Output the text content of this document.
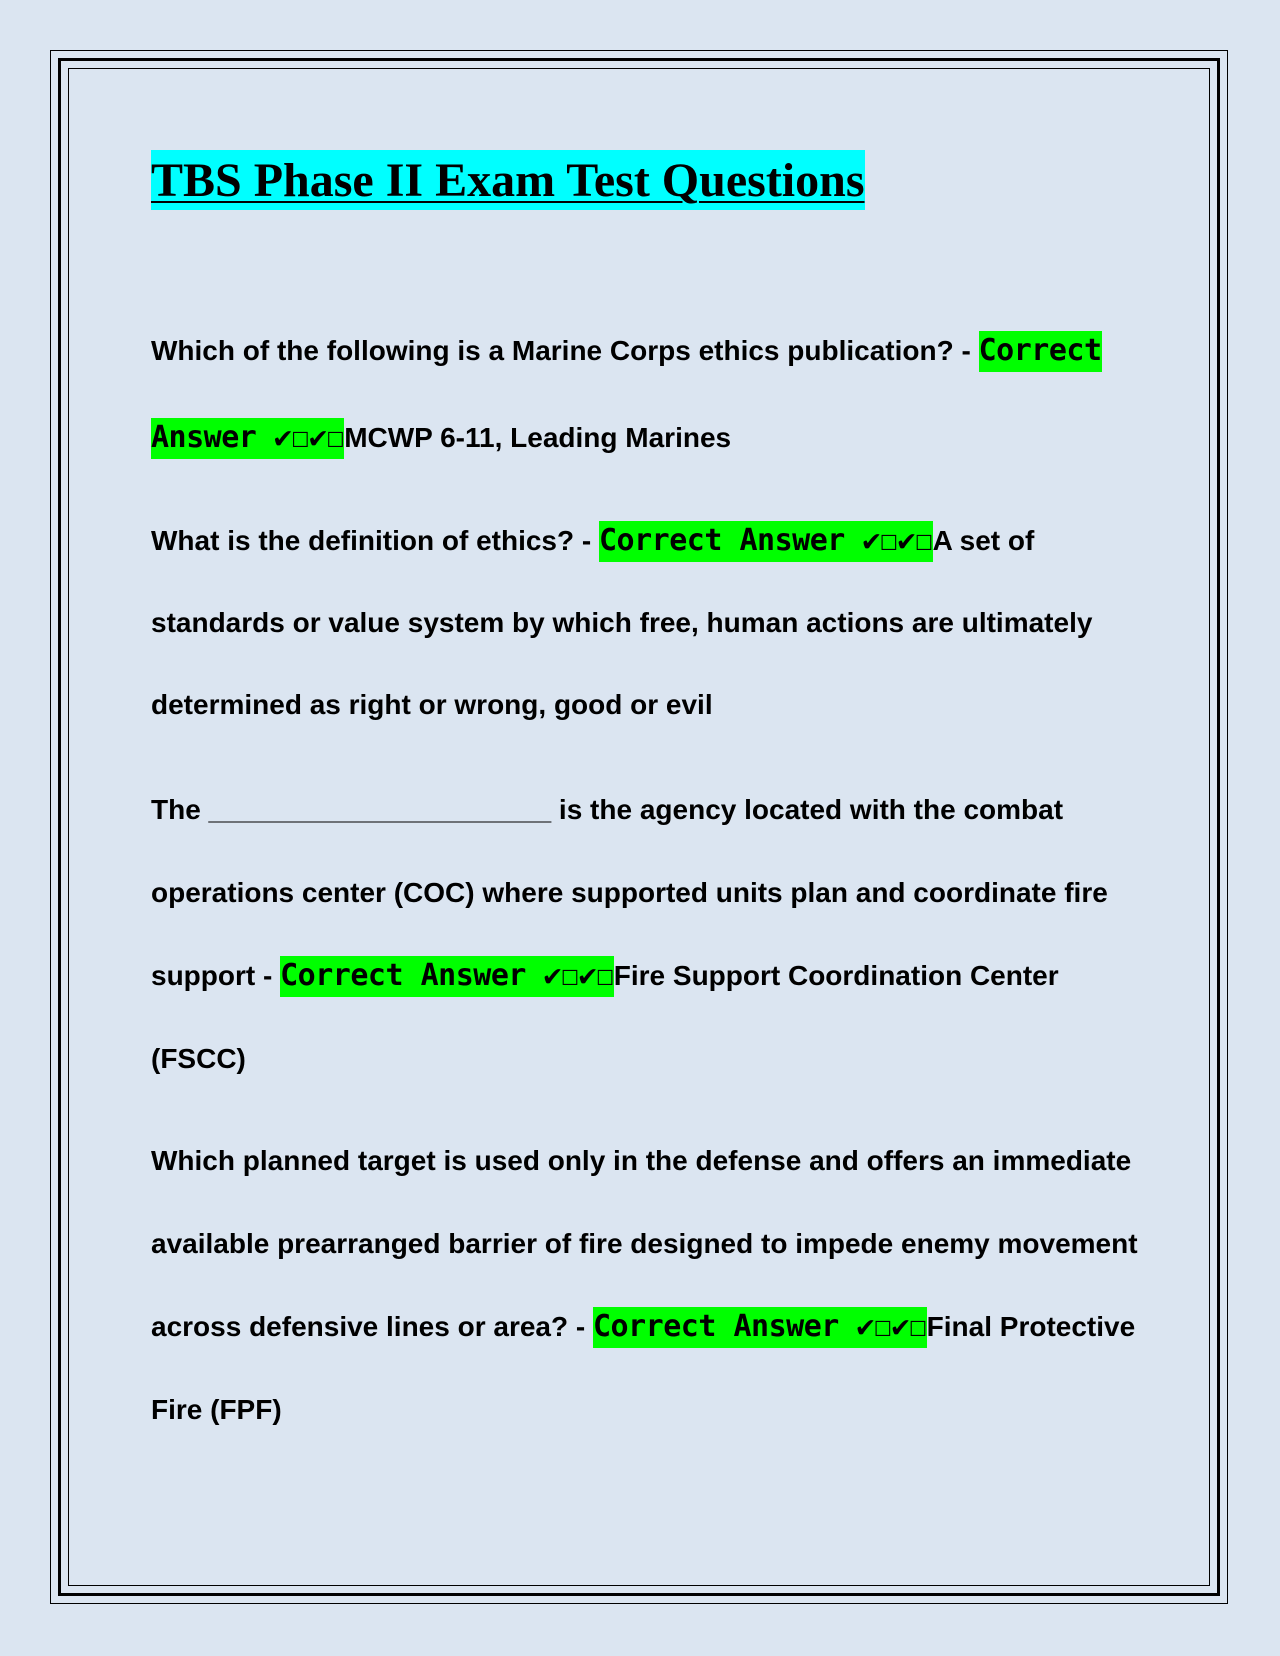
TBS Phase II Exam Test Questions

Which of the following is a Marine Corps ethics publication? - Correct Answer ✔☐✔☐MCWP 6-11, Leading Marines

What is the definition of ethics? - Correct Answer ✔☐✔☐A set of standards or value system by which free, human actions are ultimately determined as right or wrong, good or evil

The ______________________ is the agency located with the combat operations center (COC) where supported units plan and coordinate fire support - Correct Answer ✔☐✔☐Fire Support Coordination Center (FSCC)

Which planned target is used only in the defense and offers an immediate available prearranged barrier of fire designed to impede enemy movement across defensive lines or area? - Correct Answer ✔☐✔☐Final Protective Fire (FPF)
